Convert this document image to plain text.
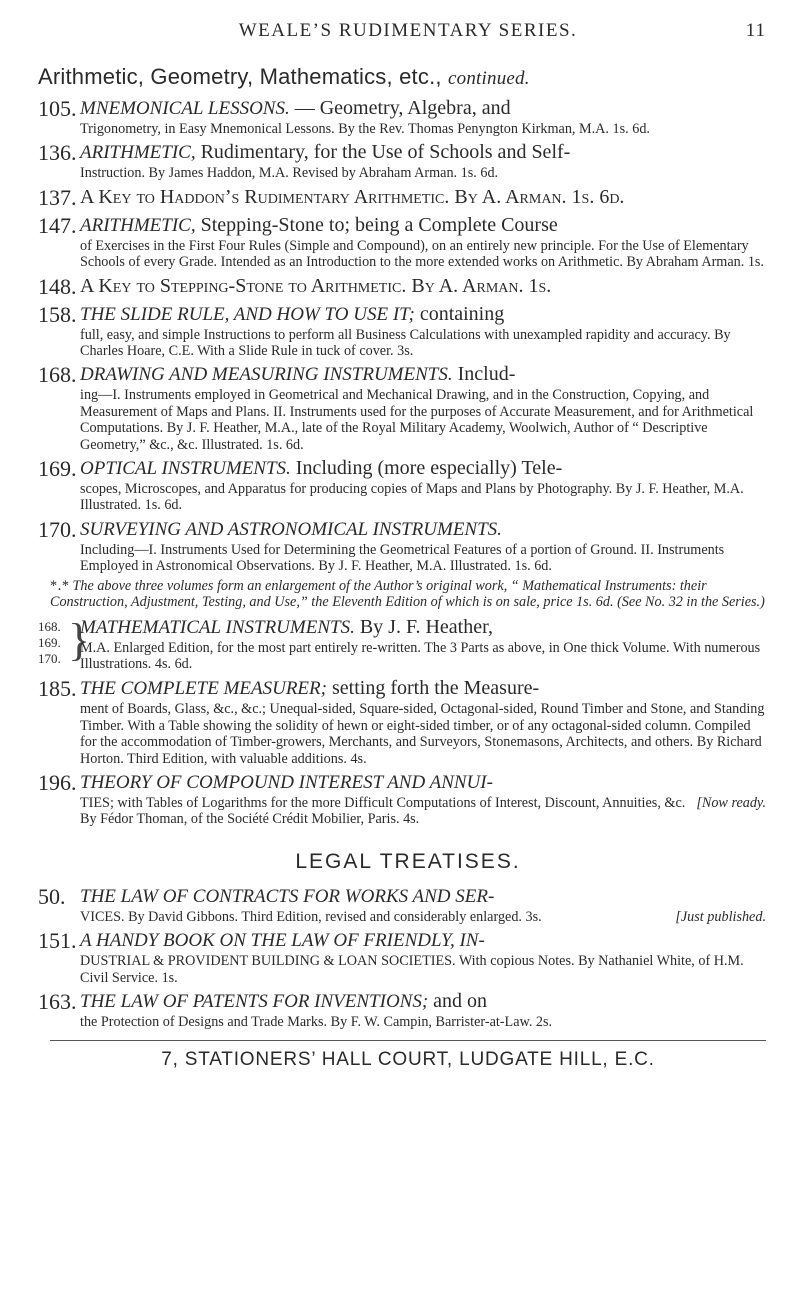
WEALE’S RUDIMENTARY SERIES.	11
Arithmetic, Geometry, Mathematics, etc., continued.
105. MNEMONICAL LESSONS. — Geometry, Algebra, and
Trigonometry, in Easy Mnemonical Lessons. By the Rev. Thomas Penyngton Kirkman, M.A. 1s. 6d.
136. ARITHMETIC, Rudimentary, for the Use of Schools and Self-
Instruction. By James Haddon, M.A. Revised by Abraham Arman. 1s. 6d.
137. A Key to Haddon’s Rudimentary Arithmetic. By A. Arman. 1s. 6d.
147. ARITHMETIC, Stepping-Stone to; being a Complete Course
of Exercises in the First Four Rules (Simple and Compound), on an entirely new principle. For the Use of Elementary Schools of every Grade. Intended as an Introduction to the more extended works on Arithmetic. By Abraham Arman. 1s.
148. A Key to Stepping-Stone to Arithmetic. By A. Arman. 1s.
158. THE SLIDE RULE, AND HOW TO USE IT; containing
full, easy, and simple Instructions to perform all Business Calculations with unexampled rapidity and accuracy. By Charles Hoare, C.E. With a Slide Rule in tuck of cover. 3s.
168. DRAWING AND MEASURING INSTRUMENTS. Includ-
ing—I. Instruments employed in Geometrical and Mechanical Drawing, and in the Construction, Copying, and Measurement of Maps and Plans. II. Instruments used for the purposes of Accurate Measurement, and for Arithmetical Computations. By J. F. Heather, M.A., late of the Royal Military Academy, Woolwich, Author of “ Descriptive Geometry,” &c., &c. Illustrated. 1s. 6d.
169. OPTICAL INSTRUMENTS. Including (more especially) Tele-
scopes, Microscopes, and Apparatus for producing copies of Maps and Plans by Photography. By J. F. Heather, M.A. Illustrated. 1s. 6d.
170. SURVEYING AND ASTRONOMICAL INSTRUMENTS.
Including—I. Instruments Used for Determining the Geometrical Features of a portion of Ground. II. Instruments Employed in Astronomical Observations. By J. F. Heather, M.A. Illustrated. 1s. 6d.
*․* The above three volumes form an enlargement of the Author’s original work, “ Mathematical Instruments: their Construction, Adjustment, Testing, and Use,” the Eleventh Edition of which is on sale, price 1s. 6d. (See No. 32 in the Series.)
168.
169.
170. }
MATHEMATICAL INSTRUMENTS. By J. F. Heather,
M.A. Enlarged Edition, for the most part entirely re-written. The 3 Parts as above, in One thick Volume. With numerous Illustrations. 4s. 6d.
185. THE COMPLETE MEASURER; setting forth the Measure-
ment of Boards, Glass, &c., &c.; Unequal-sided, Square-sided, Octagonal-sided, Round Timber and Stone, and Standing Timber. With a Table showing the solidity of hewn or eight-sided timber, or of any octagonal-sided column. Compiled for the accommodation of Timber-growers, Merchants, and Surveyors, Stonemasons, Architects, and others. By Richard Horton. Third Edition, with valuable additions. 4s.
196. THEORY OF COMPOUND INTEREST AND ANNUI-
[Now ready.
TIES; with Tables of Logarithms for the more Difficult Computations of Interest, Discount, Annuities, &c. By Fédor Thoman, of the Société Crédit Mobilier, Paris. 4s.
LEGAL TREATISES.
50. THE LAW OF CONTRACTS FOR WORKS AND SER-
[Just published.
VICES. By David Gibbons. Third Edition, revised and considerably enlarged. 3s.
151. A HANDY BOOK ON THE LAW OF FRIENDLY, IN-
DUSTRIAL & PROVIDENT BUILDING & LOAN SOCIETIES. With copious Notes. By Nathaniel White, of H.M. Civil Service. 1s.
163. THE LAW OF PATENTS FOR INVENTIONS; and on
the Protection of Designs and Trade Marks. By F. W. Campin, Barrister-at-Law. 2s.
7, STATIONERS’ HALL COURT, LUDGATE HILL, E.C.
